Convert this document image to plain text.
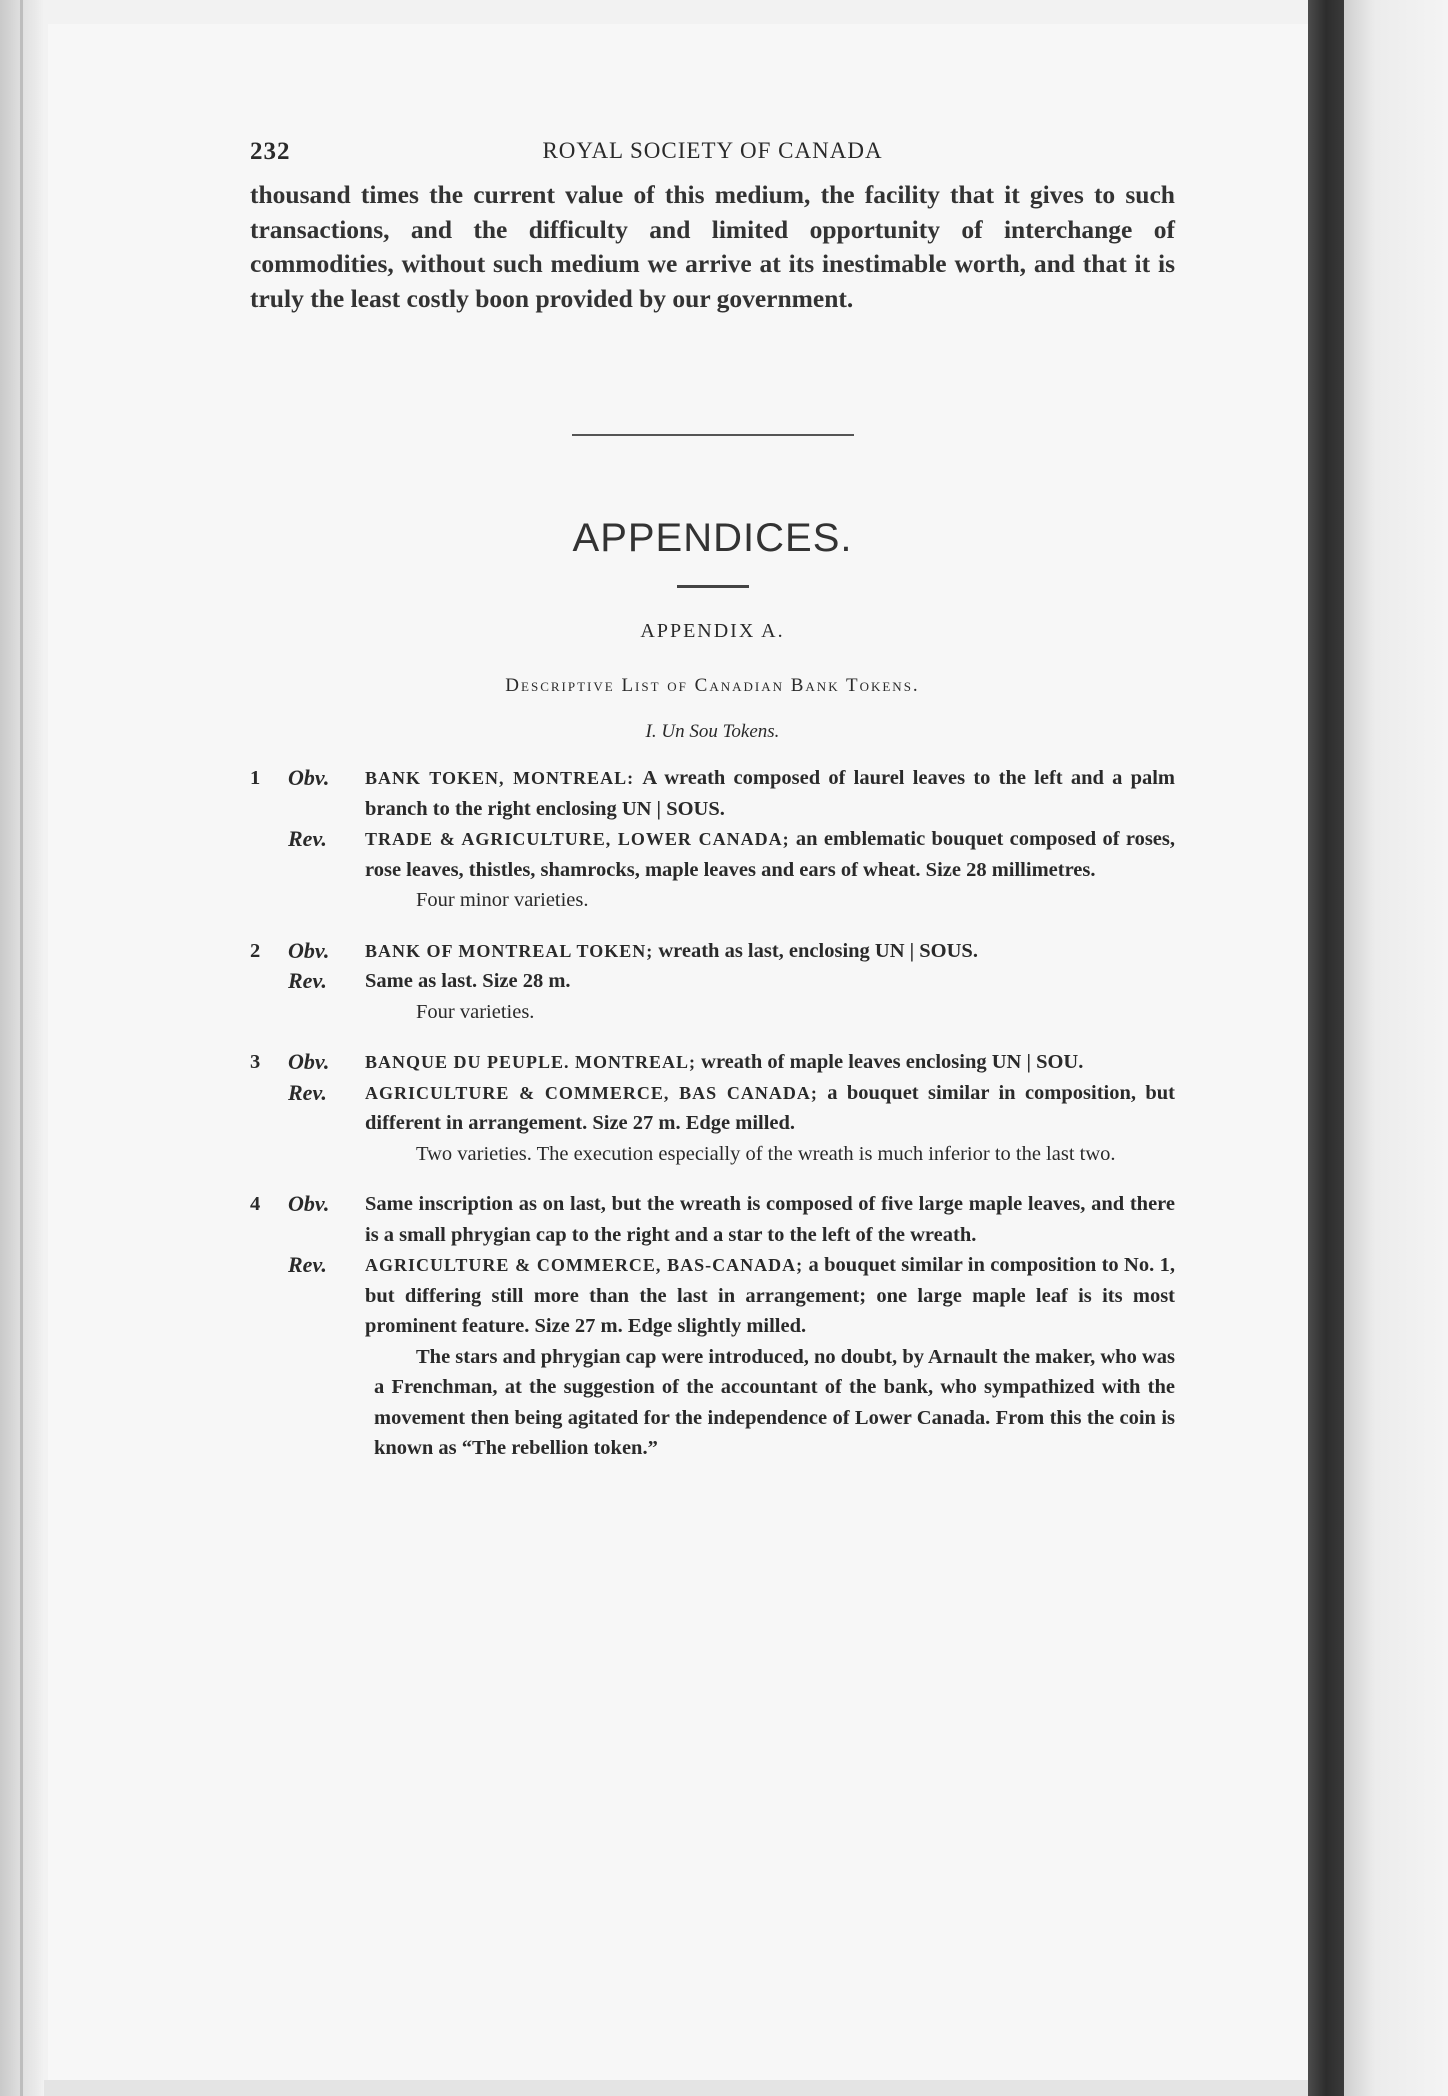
232	ROYAL SOCIETY OF CANADA

thousand times the current value of this medium, the facility that it gives to such transactions, and the difficulty and limited opportunity of interchange of commodities, without such medium we arrive at its inestimable worth, and that it is truly the least costly boon provided by our government.

APPENDICES.
APPENDIX A.
Descriptive List of Canadian Bank Tokens.
I. Un Sou Tokens.
1	Obv. BANK TOKEN, MONTREAL: A wreath composed of laurel leaves to the left and a palm branch to the right enclosing UN | SOUS.
Rev. TRADE & AGRICULTURE, LOWER CANADA; an emblematic bouquet composed of roses, rose leaves, thistles, shamrocks, maple leaves and ears of wheat. Size 28 millimetres.
Four minor varieties.
2	Obv. BANK OF MONTREAL TOKEN; wreath as last, enclosing UN | SOUS.
Rev. Same as last. Size 28 m.
Four varieties.
3	Obv. BANQUE DU PEUPLE. MONTREAL; wreath of maple leaves enclosing UN | SOU.
Rev. AGRICULTURE & COMMERCE, BAS CANADA; a bouquet similar in composition, but different in arrangement. Size 27 m. Edge milled.
Two varieties. The execution especially of the wreath is much inferior to the last two.
4	Obv. Same inscription as on last, but the wreath is composed of five large maple leaves, and there is a small phrygian cap to the right and a star to the left of the wreath.
Rev. AGRICULTURE & COMMERCE, BAS-CANADA; a bouquet similar in composition to No. 1, but differing still more than the last in arrangement; one large maple leaf is its most prominent feature. Size 27 m. Edge slightly milled.
The stars and phrygian cap were introduced, no doubt, by Arnault the maker, who was a Frenchman, at the suggestion of the accountant of the bank, who sympathized with the movement then being agitated for the independence of Lower Canada. From this the coin is known as “The rebellion token.”
